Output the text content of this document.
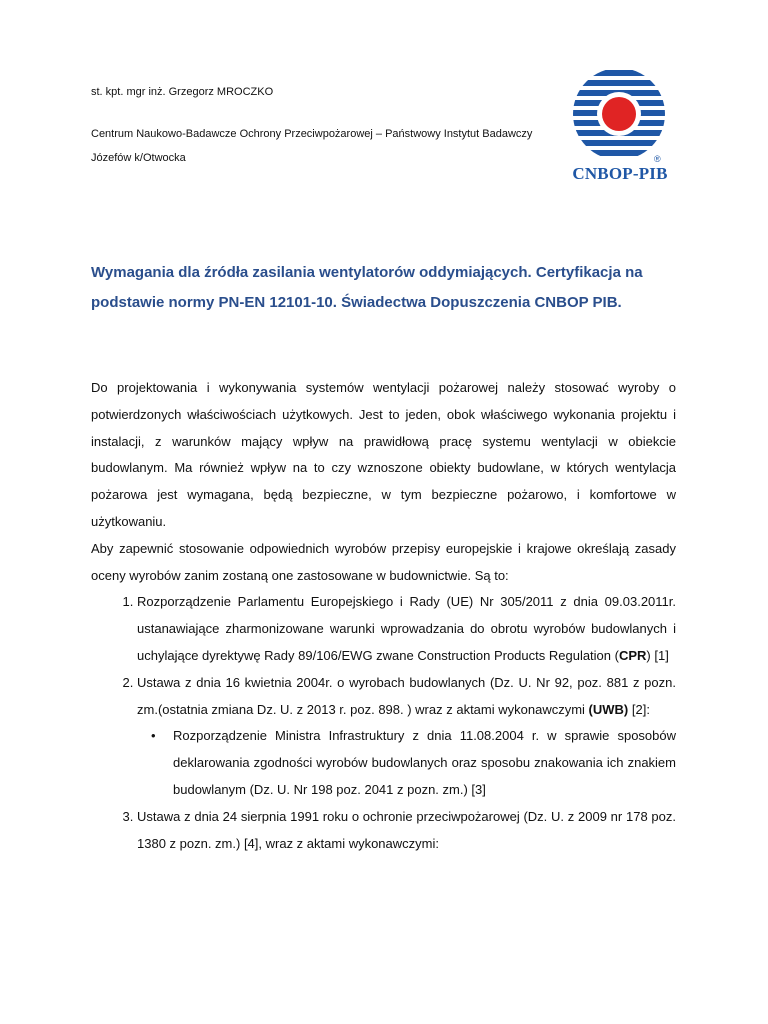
st. kpt. mgr inż. Grzegorz MROCZKO
Centrum Naukowo-Badawcze Ochrony Przeciwpożarowej – Państwowy Instytut Badawczy
Józefów k/Otwocka	®
CNBOP-PIB
Wymagania dla źródła zasilania wentylatorów oddymiających. Certyfikacja na podstawie normy PN-EN 12101-10. Świadectwa Dopuszczenia CNBOP PIB.

Do projektowania i wykonywania systemów wentylacji pożarowej należy stosować wyroby o potwierdzonych właściwościach użytkowych. Jest to jeden, obok właściwego wykonania projektu i instalacji, z warunków mający wpływ na prawidłową pracę systemu wentylacji w obiekcie budowlanym. Ma również wpływ na to czy wznoszone obiekty budowlane, w których wentylacja pożarowa jest wymagana, będą bezpieczne, w tym bezpieczne pożarowo, i komfortowe w użytkowaniu.

Aby zapewnić stosowanie odpowiednich wyrobów przepisy europejskie i krajowe określają zasady oceny wyrobów zanim zostaną one zastosowane w budownictwie. Są to:

1. Rozporządzenie Parlamentu Europejskiego i Rady (UE) Nr 305/2011 z dnia 09.03.2011r. ustanawiające zharmonizowane warunki wprowadzania do obrotu wyrobów budowlanych i uchylające dyrektywę Rady 89/106/EWG zwane Construction Products Regulation (CPR) [1]
2. Ustawa z dnia 16 kwietnia 2004r. o wyrobach budowlanych (Dz. U. Nr 92, poz. 881 z pozn. zm.(ostatnia zmiana Dz. U. z 2013 r. poz. 898. ) wraz z aktami wykonawczymi (UWB) [2]:
• Rozporządzenie Ministra Infrastruktury z dnia 11.08.2004 r. w sprawie sposobów deklarowania zgodności wyrobów budowlanych oraz sposobu znakowania ich znakiem budowlanym (Dz. U. Nr 198 poz. 2041 z pozn. zm.) [3]
3. Ustawa z dnia 24 sierpnia 1991 roku o ochronie przeciwpożarowej (Dz. U. z 2009 nr 178 poz. 1380 z pozn. zm.) [4], wraz z aktami wykonawczymi:
